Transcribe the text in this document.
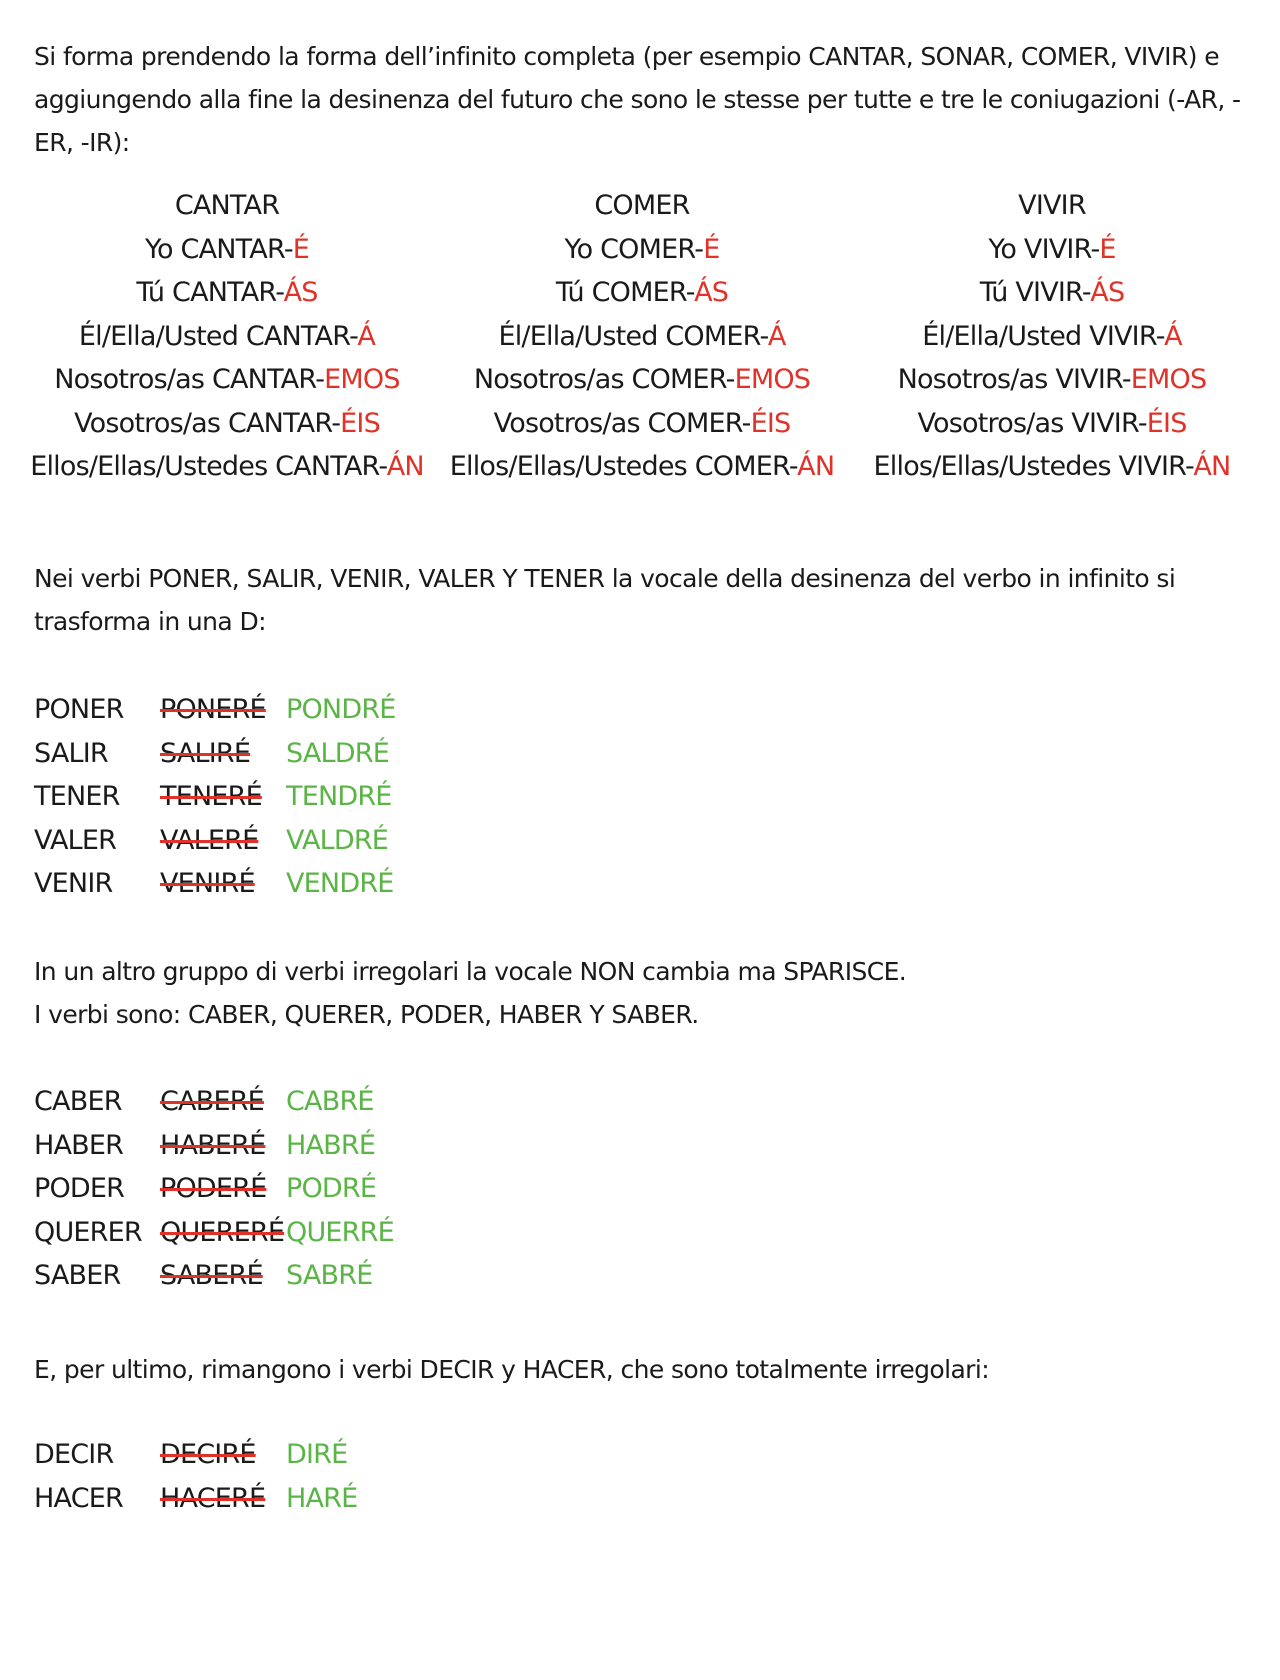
Si forma prendendo la forma dell’infinito completa (per esempio CANTAR, SONAR, COMER, VIVIR) e aggiungendo alla fine la desinenza del futuro che sono le stesse per tutte e tre le coniugazioni (-AR, -ER, -IR):

CANTAR
Yo CANTAR-É
Tú CANTAR-ÁS
Él/Ella/Usted CANTAR-Á
Nosotros/as CANTAR-EMOS
Vosotros/as CANTAR-ÉIS
Ellos/Ellas/Ustedes CANTAR-ÁN
COMER
Yo COMER-É
Tú COMER-ÁS
Él/Ella/Usted COMER-Á
Nosotros/as COMER-EMOS
Vosotros/as COMER-ÉIS
Ellos/Ellas/Ustedes COMER-ÁN
VIVIR
Yo VIVIR-É
Tú VIVIR-ÁS
Él/Ella/Usted VIVIR-Á
Nosotros/as VIVIR-EMOS
Vosotros/as VIVIR-ÉIS
Ellos/Ellas/Ustedes VIVIR-ÁN

Nei verbi PONER, SALIR, VENIR, VALER Y TENER la vocale della desinenza del verbo in infinito si trasforma in una D:

PONER PONERÉ PONDRÉ
SALIR SALIRÉ SALDRÉ
TENER TENERÉ TENDRÉ
VALER VALERÉ VALDRÉ
VENIR VENIRÉ VENDRÉ
In un altro gruppo di verbi irregolari la vocale NON cambia ma SPARISCE.
I verbi sono: CABER, QUERER, PODER, HABER Y SABER.
CABER CABERÉ CABRÉ
HABER HABERÉ HABRÉ
PODER PODERÉ PODRÉ
QUERER QUERERÉ QUERRÉ
SABER SABERÉ SABRÉ

E, per ultimo, rimangono i verbi DECIR y HACER, che sono totalmente irregolari:

DECIR DECIRÉ DIRÉ
HACER HACERÉ HARÉ
